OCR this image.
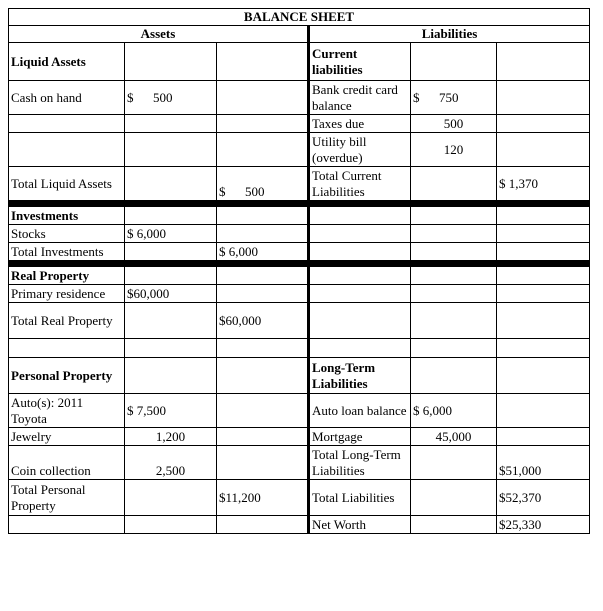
BALANCE SHEET					
Assets			Liabilities		
Liquid Assets			Current liabilities		
Cash on hand	$      500		Bank credit card balance	$      750	
			Taxes due	500	
			Utility bill (overdue)	120	
Total Liquid Assets		$      500	Total Current Liabilities		$ 1,370

Investments					
Stocks	$ 6,000				
Total Investments		$ 6,000			

Real Property					
Primary residence	$60,000				
Total Real Property		$60,000			

Personal Property			Long-Term Liabilities		
Auto(s): 2011 Toyota	$ 7,500		Auto loan balance	$ 6,000	
Jewelry	1,200		Mortgage	45,000	
Coin collection	2,500		Total Long-Term Liabilities		$51,000
Total Personal Property		$11,200	Total Liabilities		$52,370
			Net Worth		$25,330
